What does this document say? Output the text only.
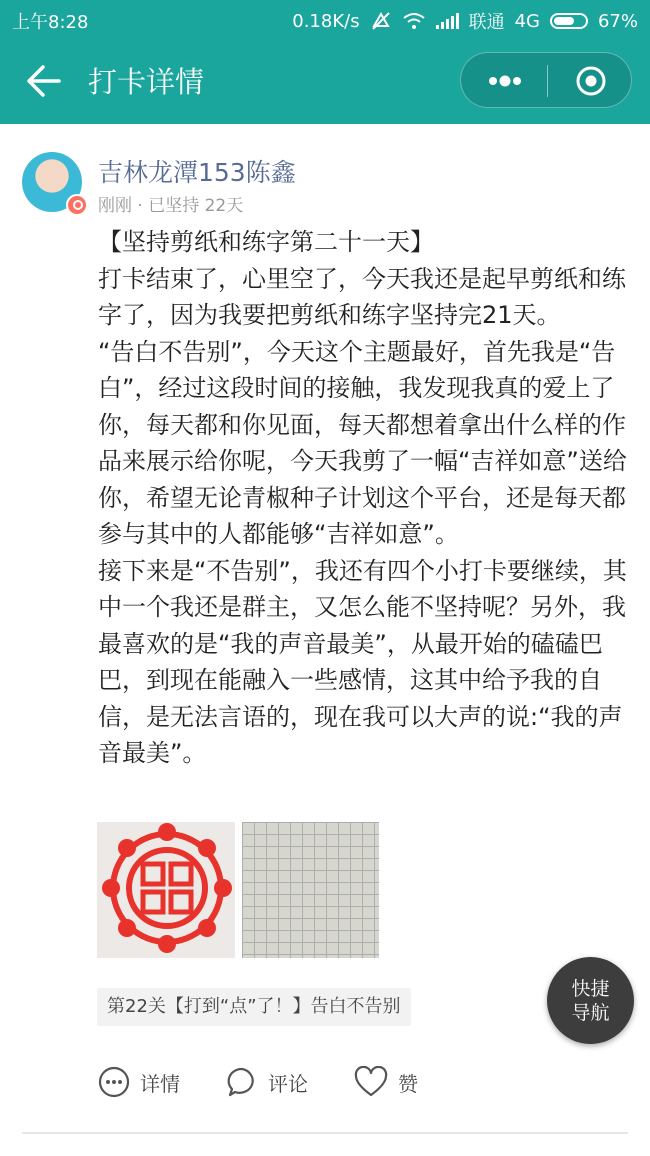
上午8:28	0.18K/s	联通 4G	67%
打卡详情
吉林龙潭153陈鑫
刚刚 · 已坚持 22天

【坚持剪纸和练字第二十一天】

打卡结束了，心里空了，今天我还是起早剪纸和练字了，因为我要把剪纸和练字坚持完21天。

“告白不告别”，今天这个主题最好，首先我是“告白”，经过这段时间的接触，我发现我真的爱上了你，每天都和你见面，每天都想着拿出什么样的作品来展示给你呢，今天我剪了一幅“吉祥如意”送给你，希望无论青椒种子计划这个平台，还是每天都参与其中的人都能够“吉祥如意”。

接下来是“不告别”，我还有四个小打卡要继续，其中一个我还是群主，又怎么能不坚持呢？另外，我最喜欢的是“我的声音最美”，从最开始的磕磕巴巴，到现在能融入一些感情，这其中给予我的自信，是无法言语的，现在我可以大声的说:“我的声音最美”。

第22关【打到“点”了！】告白不告别
快捷
导航
详情	评论	赞
